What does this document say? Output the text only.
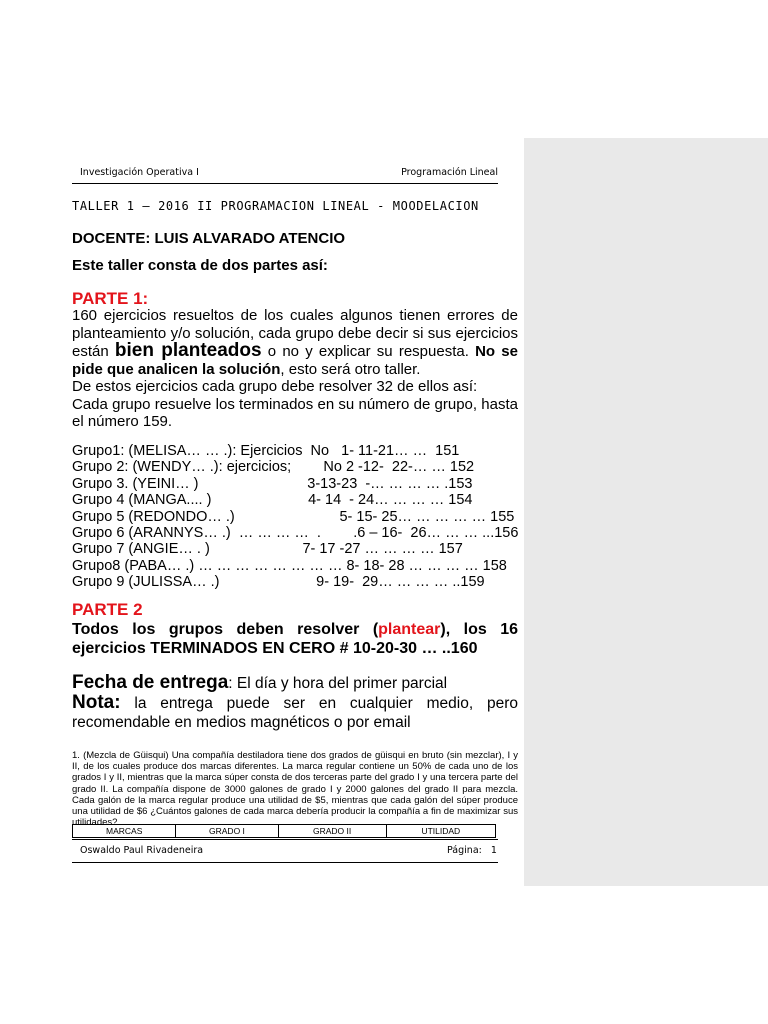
Investigación Operativa I	Programación Lineal
TALLER 1 – 2016 II PROGRAMACION LINEAL - MOODELACION
DOCENTE: LUIS ALVARADO ATENCIO
Este taller consta de dos partes así:
PARTE 1:
160 ejercicios resueltos de los cuales algunos tienen errores de planteamiento y/o solución, cada grupo debe decir si sus ejercicios están bien planteados o no y explicar su respuesta. No se pide que analicen la solución, esto será otro taller.
De estos ejercicios cada grupo debe resolver 32 de ellos así:
Cada grupo resuelve los terminados en su número de grupo, hasta el número 159.
Grupo1: (MELISA… … .): Ejercicios  No   1- 11-21… …  151
Grupo 2: (WENDY… .): ejercicios;        No 2 -12-  22-… … 152
Grupo 3. (YEINI… )                           3-13-23  -… … … … .153
Grupo 4 (MANGA.... )                        4- 14  - 24… … … … 154
Grupo 5 (REDONDO… .)                          5- 15- 25… … … … … 155
Grupo 6 (ARANNYS… .)  … … … …  .        .6 – 16-  26… … … ...156
Grupo 7 (ANGIE… . )                       7- 17 -27 … … … … 157
Grupo8 (PABA… .) … … … … … … … … 8- 18- 28 … … … … 158
Grupo 9 (JULISSA… .)                        9- 19-  29… … … … ..159
PARTE 2
Todos los grupos deben resolver (plantear), los 16 ejercicios TERMINADOS EN CERO # 10-20-30 … ..160
Fecha de entrega: El día y hora del primer parcial
Nota: la entrega puede ser en cualquier medio, pero recomendable en medios magnéticos o por email
1. (Mezcla de Güisqui) Una compañía destiladora tiene dos grados de güisqui en bruto (sin mezclar), I y II, de los cuales produce dos marcas diferentes. La marca regular contiene un 50% de cada uno de los grados I y II, mientras que la marca súper consta de dos terceras parte del grado I y una tercera parte del grado II. La compañía dispone de 3000 galones de grado I y 2000 galones del grado II para mezcla. Cada galón de la marca regular produce una utilidad de $5, mientras que cada galón del súper produce una utilidad de $6 ¿Cuántos galones de cada marca debería producir la compañía a fin de maximizar sus utilidades?
MARCAS	GRADO I	GRADO II	UTILIDAD
Oswaldo Paul Rivadeneira	Página: 1
